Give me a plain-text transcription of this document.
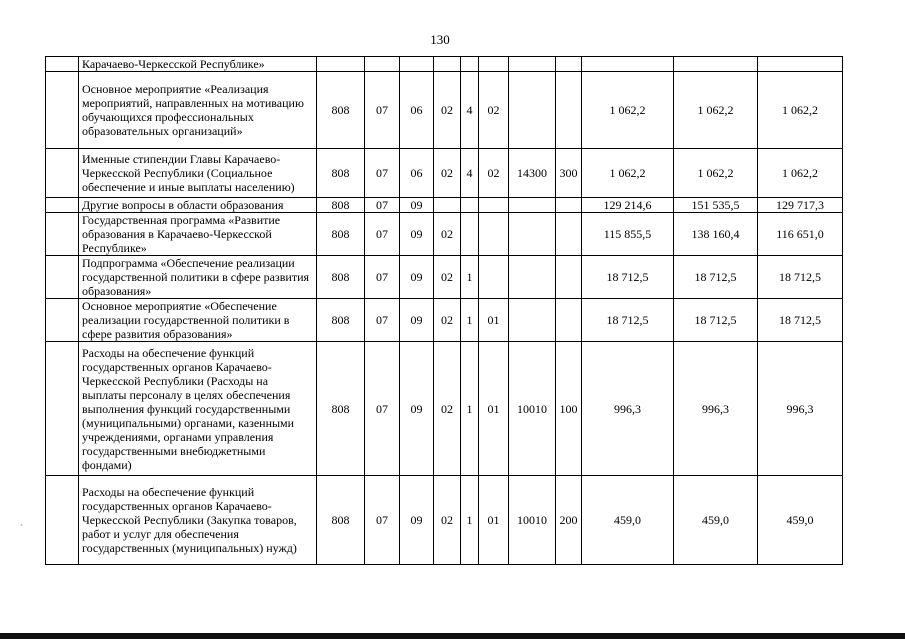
130
`
	Карачаево-Черкесской Республике»											
	Основное мероприятие «Реализация мероприятий, направленных на мотивацию обучающихся профессиональных образовательных организаций»	808	07	06	02	4	02			1 062,2	1 062,2	1 062,2
	Именные стипендии Главы Карачаево-Черкесской Республики (Социальное обеспечение и иные выплаты населению)	808	07	06	02	4	02	14300	300	1 062,2	1 062,2	1 062,2
	Другие вопросы в области образования	808	07	09						129 214,6	151 535,5	129 717,3
	Государственная программа «Развитие образования в Карачаево-Черкесской Республике»	808	07	09	02					115 855,5	138 160,4	116 651,0
	Подпрограмма «Обеспечение реализации государственной политики в сфере развития образования»	808	07	09	02	1				18 712,5	18 712,5	18 712,5
	Основное мероприятие «Обеспечение реализации государственной политики в сфере развития образования»	808	07	09	02	1	01			18 712,5	18 712,5	18 712,5
	Расходы на обеспечение функций государственных органов Карачаево-Черкесской Республики (Расходы на выплаты персоналу в целях обеспечения выполнения функций государственными (муниципальными) органами, казенными учреждениями, органами управления государственными внебюджетными фондами)	808	07	09	02	1	01	10010	100	996,3	996,3	996,3
	Расходы на обеспечение функций государственных органов Карачаево-Черкесской Республики (Закупка товаров, работ и услуг для обеспечения государственных (муниципальных) нужд)	808	07	09	02	1	01	10010	200	459,0	459,0	459,0
